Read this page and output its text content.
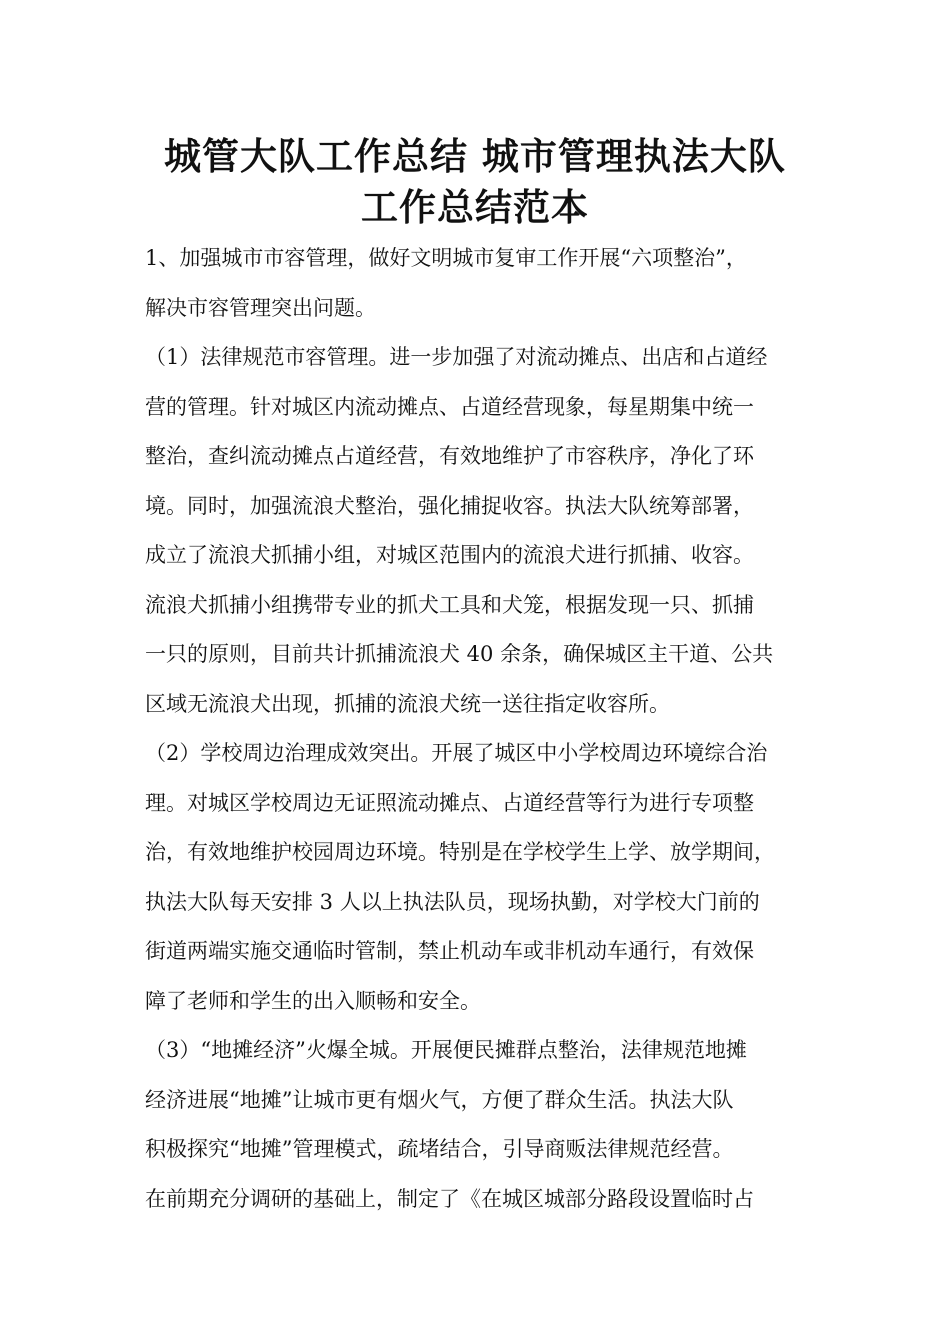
城管大队工作总结 城市管理执法大队
工作总结范本
1、加强城市市容管理，做好文明城市复审工作开展“六项整治”，
解决市容管理突出问题。
（1）法律规范市容管理。进一步加强了对流动摊点、出店和占道经
营的管理。针对城区内流动摊点、占道经营现象，每星期集中统一
整治，查纠流动摊点占道经营，有效地维护了市容秩序，净化了环
境。同时，加强流浪犬整治，强化捕捉收容。执法大队统筹部署，
成立了流浪犬抓捕小组，对城区范围内的流浪犬进行抓捕、收容。
流浪犬抓捕小组携带专业的抓犬工具和犬笼，根据发现一只、抓捕
一只的原则，目前共计抓捕流浪犬 40 余条，确保城区主干道、公共
区域无流浪犬出现，抓捕的流浪犬统一送往指定收容所。
（2）学校周边治理成效突出。开展了城区中小学校周边环境综合治
理。对城区学校周边无证照流动摊点、占道经营等行为进行专项整
治，有效地维护校园周边环境。特别是在学校学生上学、放学期间，
执法大队每天安排 3 人以上执法队员，现场执勤，对学校大门前的
街道两端实施交通临时管制，禁止机动车或非机动车通行，有效保
障了老师和学生的出入顺畅和安全。
（3）“地摊经济”火爆全城。开展便民摊群点整治，法律规范地摊
经济进展“地摊”让城市更有烟火气，方便了群众生活。执法大队
积极探究“地摊”管理模式，疏堵结合，引导商贩法律规范经营。
在前期充分调研的基础上，制定了《在城区城部分路段设置临时占
